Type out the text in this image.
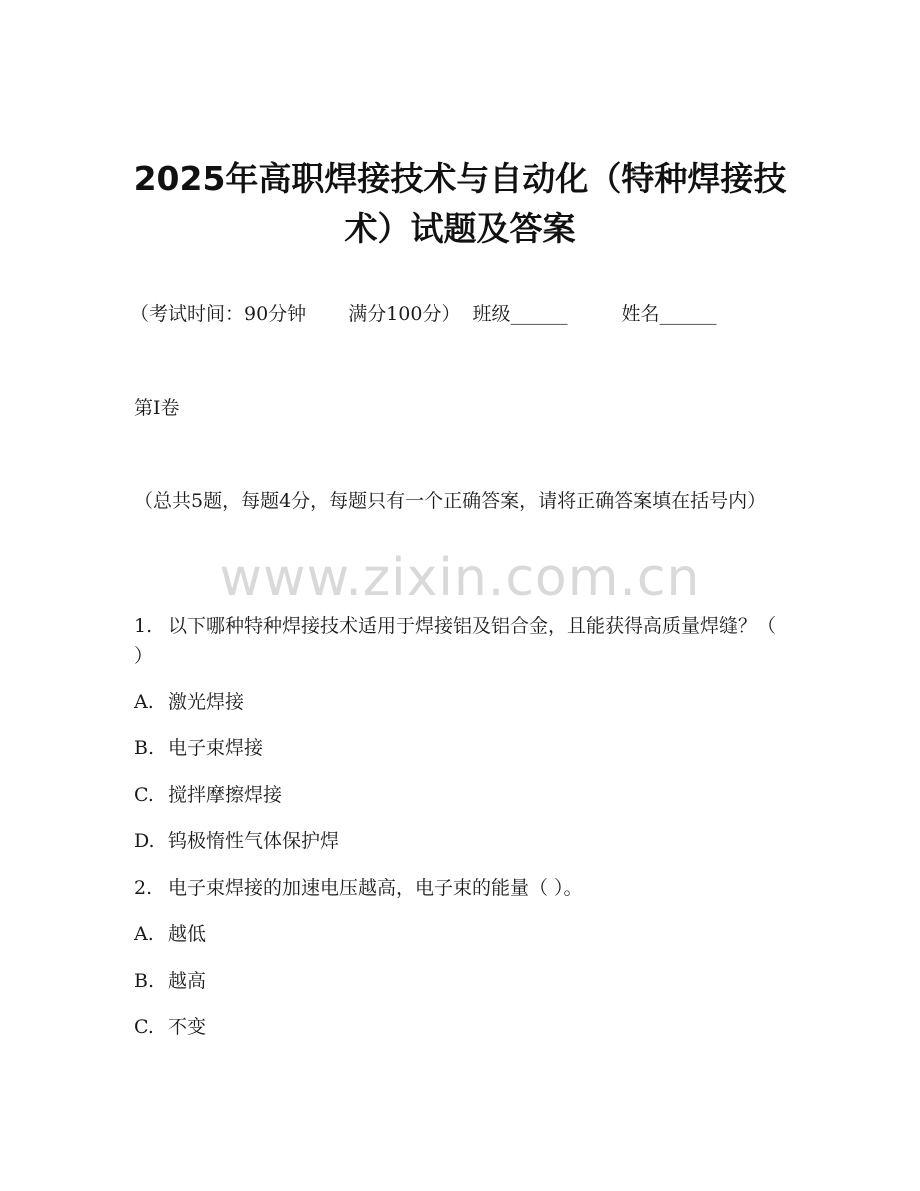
2025年高职焊接技术与自动化（特种焊接技
术）试题及答案
（考试时间：90分钟 满分100分） 班级______	姓名______
第Ⅰ卷
（总共5题，每题4分，每题只有一个正确答案，请将正确答案填在括号内）
www.zixin.com.cn
1. 以下哪种特种焊接技术适用于焊接铝及铝合金，且能获得高质量焊缝？（ ）
A. 激光焊接
B. 电子束焊接
C. 搅拌摩擦焊接
D. 钨极惰性气体保护焊
2. 电子束焊接的加速电压越高，电子束的能量（ ）。
A. 越低
B. 越高
C. 不变
